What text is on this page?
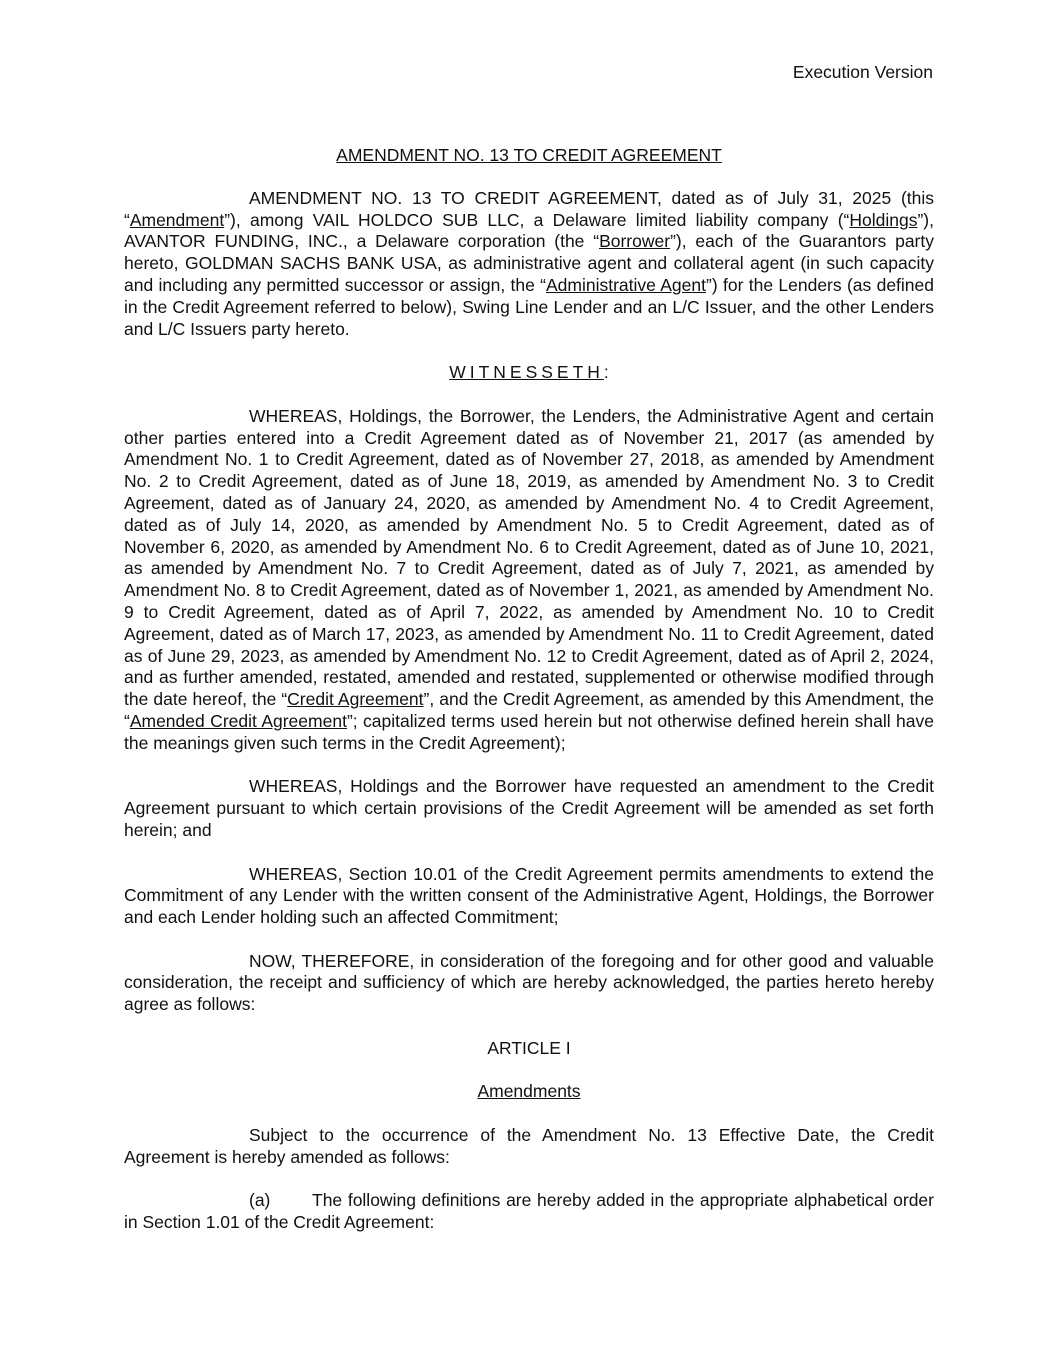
Execution Version
AMENDMENT NO. 13 TO CREDIT AGREEMENT

AMENDMENT NO. 13 TO CREDIT AGREEMENT, dated as of July 31, 2025 (this “Amendment”), among VAIL HOLDCO SUB LLC, a Delaware limited liability company (“Holdings”), AVANTOR FUNDING, INC., a Delaware corporation (the “Borrower”), each of the Guarantors party hereto, GOLDMAN SACHS BANK USA, as administrative agent and collateral agent (in such capacity and including any permitted successor or assign, the “Administrative Agent”) for the Lenders (as defined in the Credit Agreement referred to below), Swing Line Lender and an L/C Issuer, and the other Lenders and L/C Issuers party hereto.

WITNESSETH:

WHEREAS, Holdings, the Borrower, the Lenders, the Administrative Agent and certain other parties entered into a Credit Agreement dated as of November 21, 2017 (as amended by Amendment No. 1 to Credit Agreement, dated as of November 27, 2018, as amended by Amendment No. 2 to Credit Agreement, dated as of June 18, 2019, as amended by Amendment No. 3 to Credit Agreement, dated as of January 24, 2020, as amended by Amendment No. 4 to Credit Agreement, dated as of July 14, 2020, as amended by Amendment No. 5 to Credit Agreement, dated as of November 6, 2020, as amended by Amendment No. 6 to Credit Agreement, dated as of June 10, 2021, as amended by Amendment No. 7 to Credit Agreement, dated as of July 7, 2021, as amended by Amendment No. 8 to Credit Agreement, dated as of November 1, 2021, as amended by Amendment No. 9 to Credit Agreement, dated as of April 7, 2022, as amended by Amendment No. 10 to Credit Agreement, dated as of March 17, 2023, as amended by Amendment No. 11 to Credit Agreement, dated as of June 29, 2023, as amended by Amendment No. 12 to Credit Agreement, dated as of April 2, 2024, and as further amended, restated, amended and restated, supplemented or otherwise modified through the date hereof, the “Credit Agreement”, and the Credit Agreement, as amended by this Amendment, the “Amended Credit Agreement”; capitalized terms used herein but not otherwise defined herein shall have the meanings given such terms in the Credit Agreement);

WHEREAS, Holdings and the Borrower have requested an amendment to the Credit Agreement pursuant to which certain provisions of the Credit Agreement will be amended as set forth herein; and

WHEREAS, Section 10.01 of the Credit Agreement permits amendments to extend the Commitment of any Lender with the written consent of the Administrative Agent, Holdings, the Borrower and each Lender holding such an affected Commitment;

NOW, THEREFORE, in consideration of the foregoing and for other good and valuable consideration, the receipt and sufficiency of which are hereby acknowledged, the parties hereto hereby agree as follows:

ARTICLE I
Amendments

Subject to the occurrence of the Amendment No. 13 Effective Date, the Credit Agreement is hereby amended as follows:

(a) The following definitions are hereby added in the appropriate alphabetical order in Section 1.01 of the Credit Agreement:
